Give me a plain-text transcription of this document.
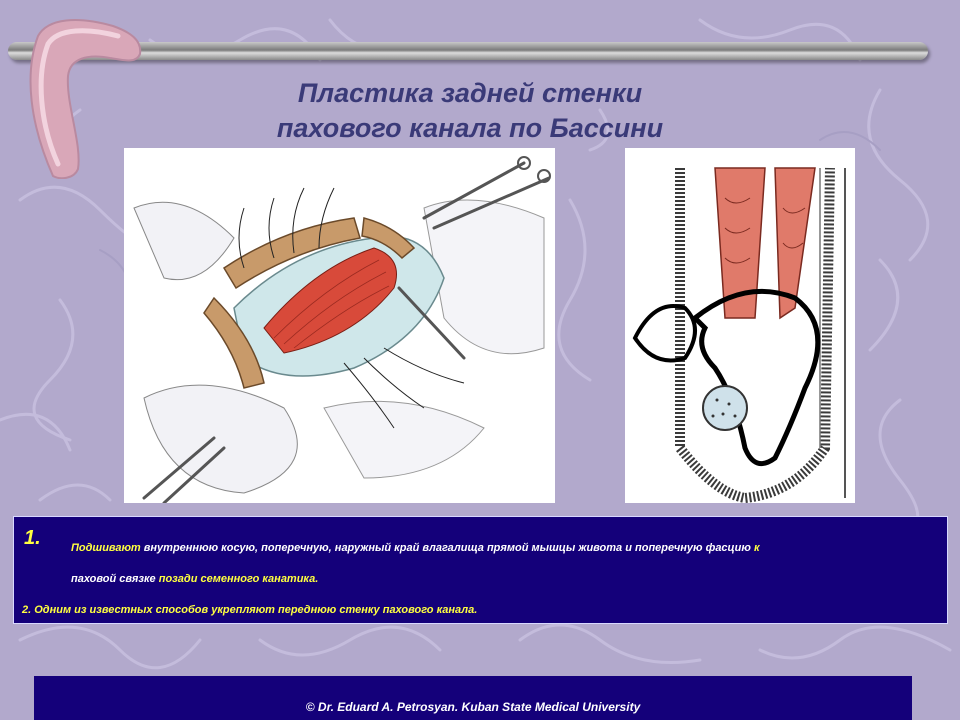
Пластика задней стенки
пахового канала по Бассини
1.	Подшивают внутреннюю косую, поперечную, наружный край влагалища прямой мышцы живота и поперечную фасцию к
паховой связке позади семенного канатика.
2. Одним из известных способов укрепляют переднюю стенку пахового канала.
© Dr. Eduard A. Petrosyan. Kuban State Medical University
